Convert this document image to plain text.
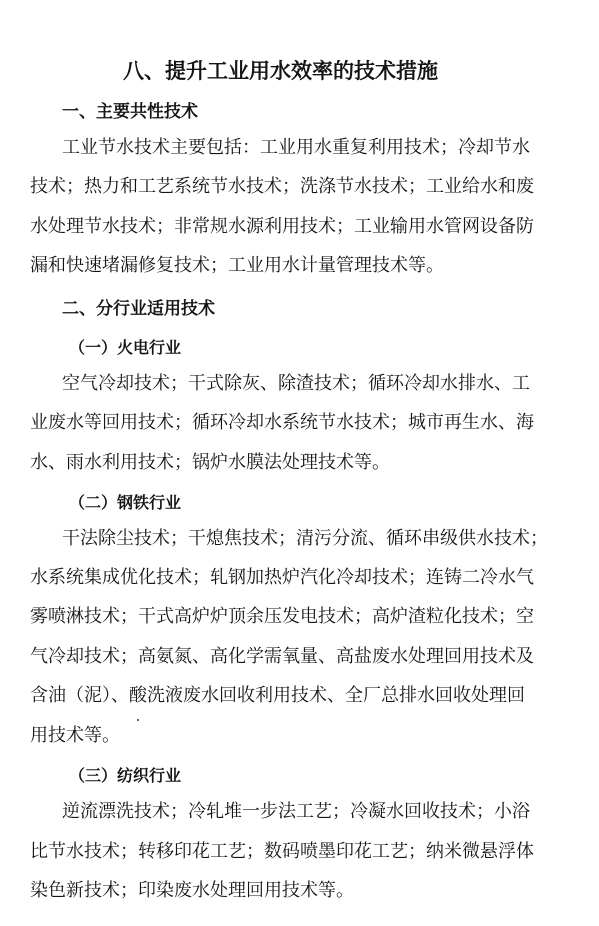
八、提升工业用水效率的技术措施
一、主要共性技术
工业节水技术主要包括：工业用水重复利用技术；冷却节水
技术；热力和工艺系统节水技术；洗涤节水技术；工业给水和废
水处理节水技术；非常规水源利用技术；工业输用水管网设备防
漏和快速堵漏修复技术；工业用水计量管理技术等。
二、分行业适用技术
（一）火电行业
空气冷却技术；干式除灰、除渣技术；循环冷却水排水、工
业废水等回用技术；循环冷却水系统节水技术；城市再生水、海
水、雨水利用技术；锅炉水膜法处理技术等。
（二）钢铁行业
干法除尘技术；干熄焦技术；清污分流、循环串级供水技术；
水系统集成优化技术；轧钢加热炉汽化冷却技术；连铸二冷水气
雾喷淋技术；干式高炉炉顶余压发电技术；高炉渣粒化技术；空
气冷却技术；高氨氮、高化学需氧量、高盐废水处理回用技术及
含油（泥）、酸洗液废水回收利用技术、全厂总排水回收处理回
用技术等。
（三）纺织行业
逆流漂洗技术；冷轧堆一步法工艺；冷凝水回收技术；小浴
比节水技术；转移印花工艺；数码喷墨印花工艺；纳米微悬浮体
染色新技术；印染废水处理回用技术等。
